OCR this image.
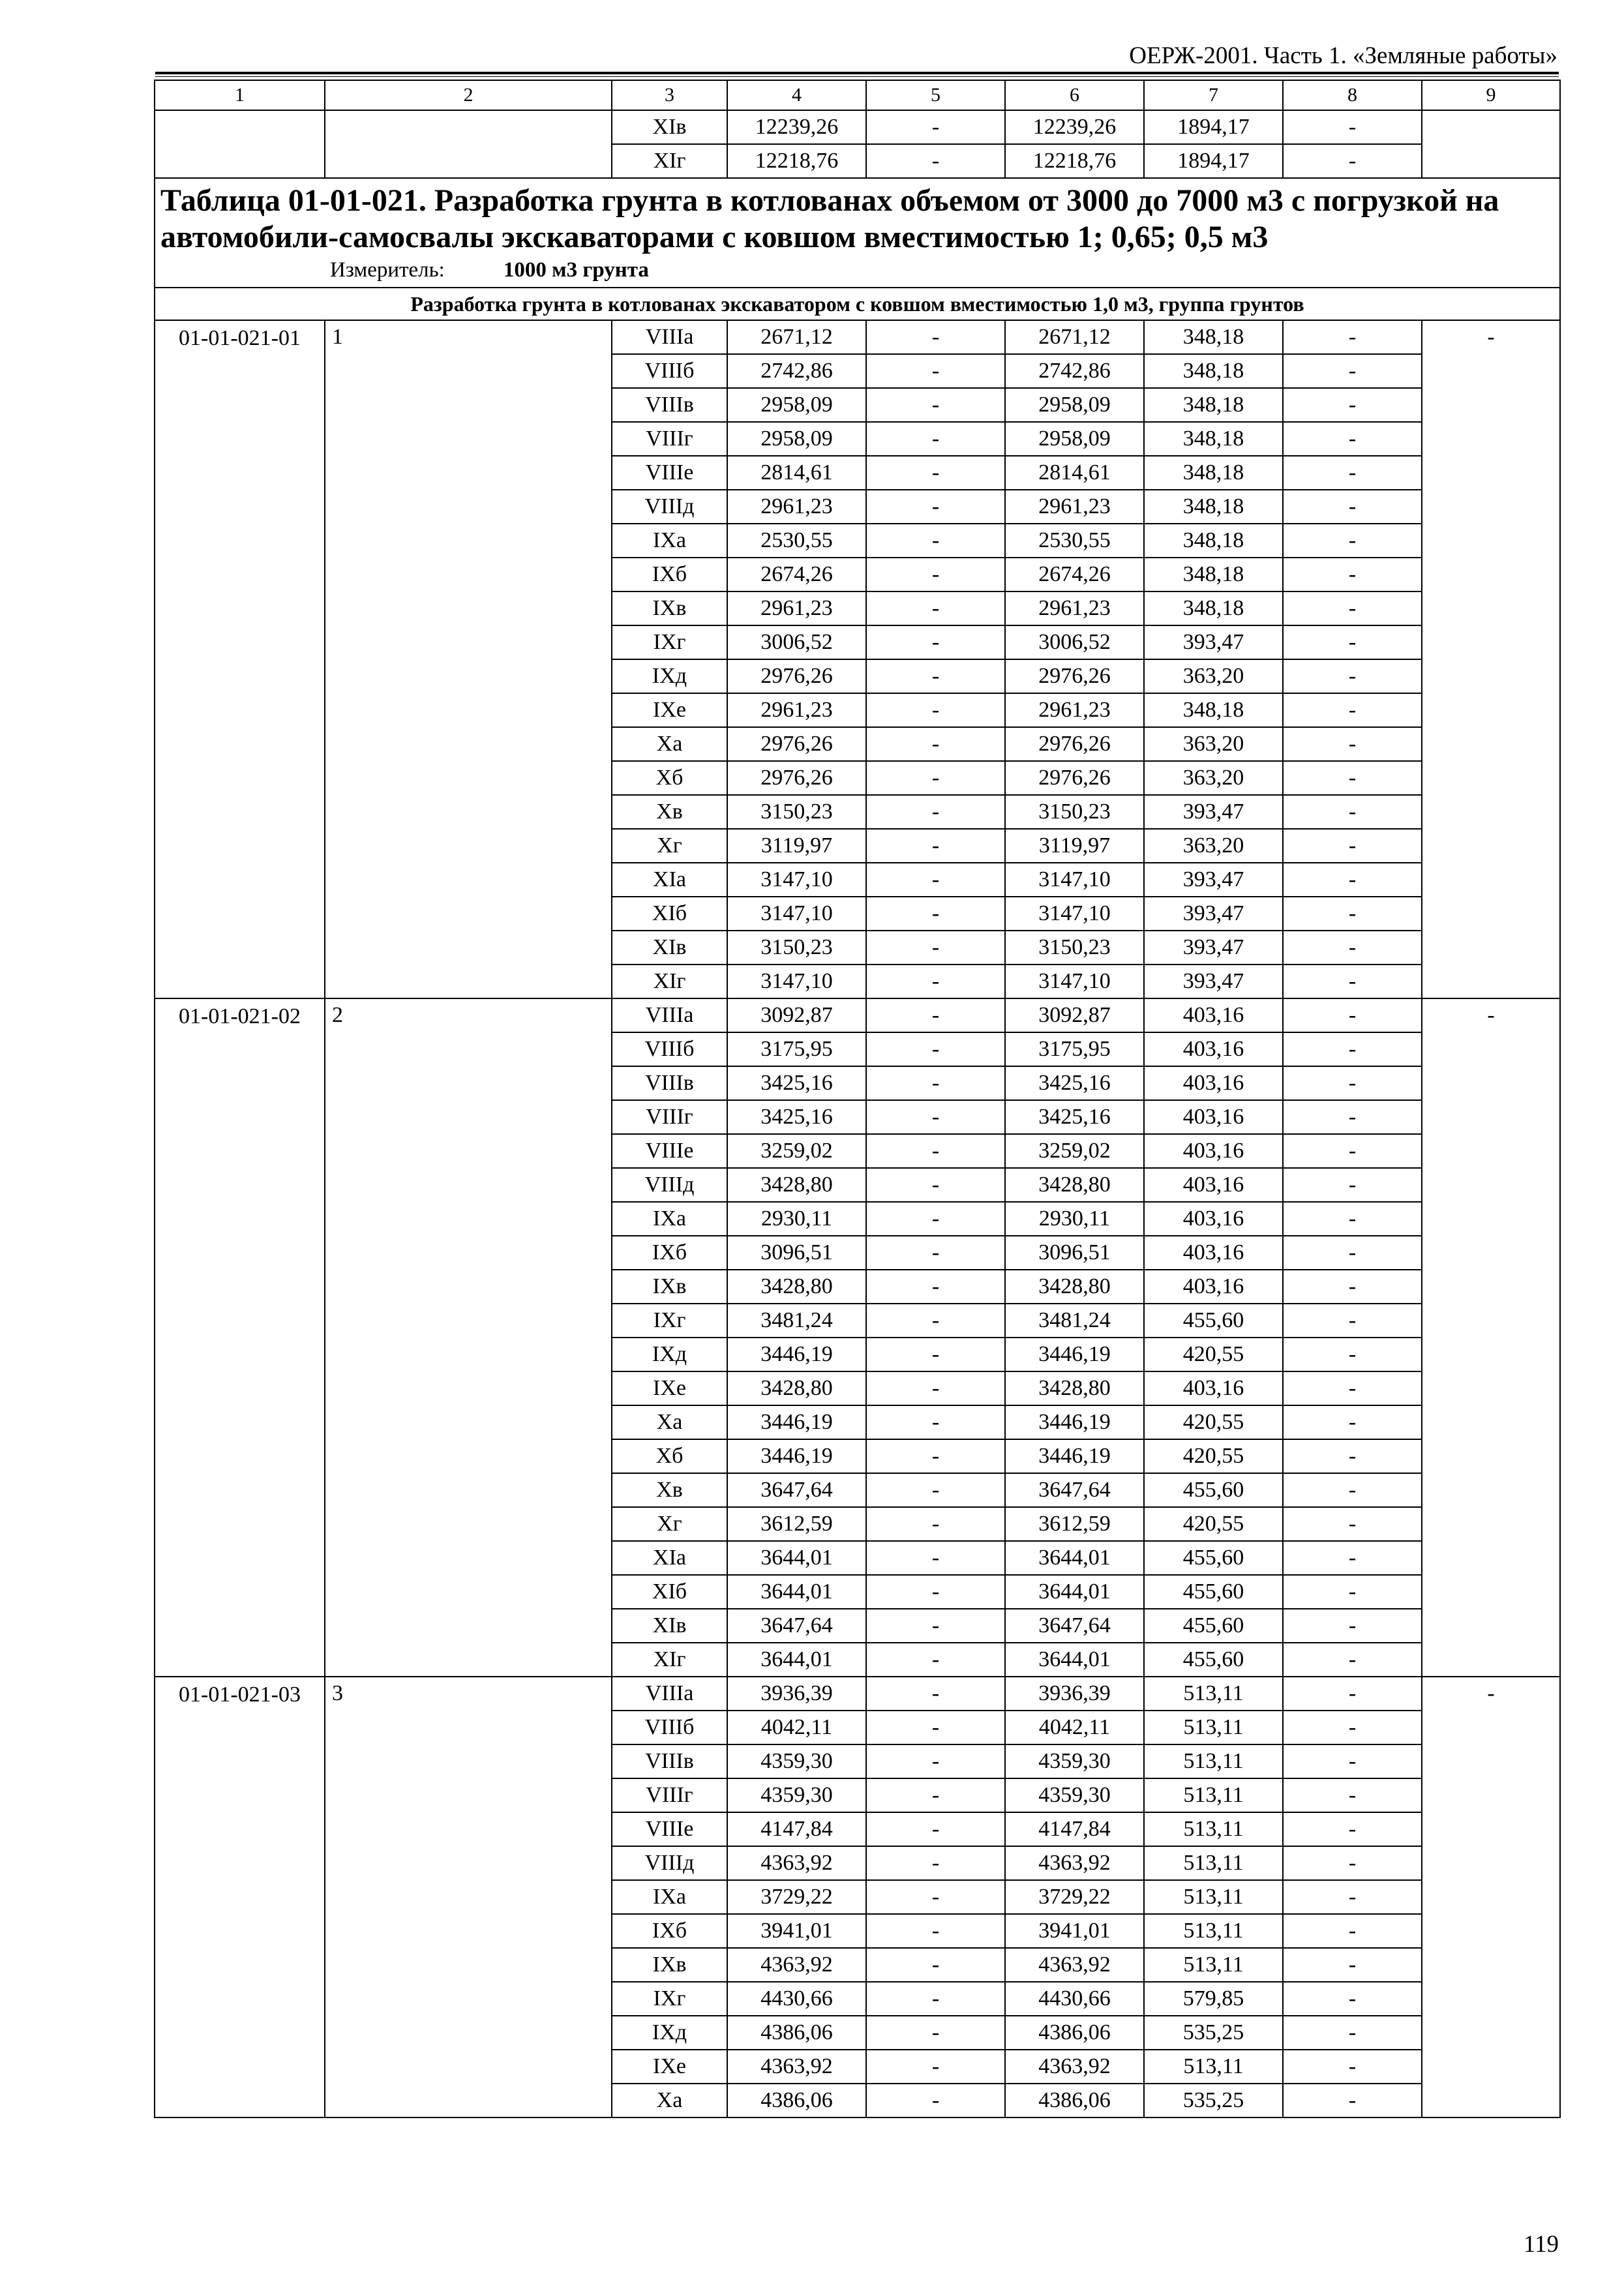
ОЕРЖ-2001. Часть 1. «Земляные работы»
1	2	3	4	5	6	7	8	9
		XIв	12239,26	-	12239,26	1894,17	-	
		XIг	12218,76	-	12218,76	1894,17	-	

Таблица 01-01-021. Разработка грунта в котлованах объемом от 3000 до 7000 м3 с погрузкой на автомобили-самосвалы экскаваторами с ковшом вместимостью 1; 0,65; 0,5 м3
Измеритель: 1000 м3 грунта								

Разработка грунта в котлованах экскаватором с ковшом вместимостью 1,0 м3, группа грунтов								
01-01-021-01	1	VIIIа	2671,12	-	2671,12	348,18	-	-
		VIIIб	2742,86	-	2742,86	348,18	-	
		VIIIв	2958,09	-	2958,09	348,18	-	
		VIIIг	2958,09	-	2958,09	348,18	-	
		VIIIе	2814,61	-	2814,61	348,18	-	
		VIIIд	2961,23	-	2961,23	348,18	-	
		IXа	2530,55	-	2530,55	348,18	-	
		IXб	2674,26	-	2674,26	348,18	-	
		IXв	2961,23	-	2961,23	348,18	-	
		IXг	3006,52	-	3006,52	393,47	-	
		IXд	2976,26	-	2976,26	363,20	-	
		IXе	2961,23	-	2961,23	348,18	-	
		Xа	2976,26	-	2976,26	363,20	-	
		Xб	2976,26	-	2976,26	363,20	-	
		Xв	3150,23	-	3150,23	393,47	-	
		Xг	3119,97	-	3119,97	363,20	-	
		XIа	3147,10	-	3147,10	393,47	-	
		XIб	3147,10	-	3147,10	393,47	-	
		XIв	3150,23	-	3150,23	393,47	-	
		XIг	3147,10	-	3147,10	393,47	-	
01-01-021-02	2	VIIIа	3092,87	-	3092,87	403,16	-	-
		VIIIб	3175,95	-	3175,95	403,16	-	
		VIIIв	3425,16	-	3425,16	403,16	-	
		VIIIг	3425,16	-	3425,16	403,16	-	
		VIIIе	3259,02	-	3259,02	403,16	-	
		VIIIд	3428,80	-	3428,80	403,16	-	
		IXа	2930,11	-	2930,11	403,16	-	
		IXб	3096,51	-	3096,51	403,16	-	
		IXв	3428,80	-	3428,80	403,16	-	
		IXг	3481,24	-	3481,24	455,60	-	
		IXд	3446,19	-	3446,19	420,55	-	
		IXе	3428,80	-	3428,80	403,16	-	
		Xа	3446,19	-	3446,19	420,55	-	
		Xб	3446,19	-	3446,19	420,55	-	
		Xв	3647,64	-	3647,64	455,60	-	
		Xг	3612,59	-	3612,59	420,55	-	
		XIа	3644,01	-	3644,01	455,60	-	
		XIб	3644,01	-	3644,01	455,60	-	
		XIв	3647,64	-	3647,64	455,60	-	
		XIг	3644,01	-	3644,01	455,60	-	
01-01-021-03	3	VIIIа	3936,39	-	3936,39	513,11	-	-
		VIIIб	4042,11	-	4042,11	513,11	-	
		VIIIв	4359,30	-	4359,30	513,11	-	
		VIIIг	4359,30	-	4359,30	513,11	-	
		VIIIе	4147,84	-	4147,84	513,11	-	
		VIIIд	4363,92	-	4363,92	513,11	-	
		IXа	3729,22	-	3729,22	513,11	-	
		IXб	3941,01	-	3941,01	513,11	-	
		IXв	4363,92	-	4363,92	513,11	-	
		IXг	4430,66	-	4430,66	579,85	-	
		IXд	4386,06	-	4386,06	535,25	-	
		IXе	4363,92	-	4363,92	513,11	-	
		Xа	4386,06	-	4386,06	535,25	-	
119
